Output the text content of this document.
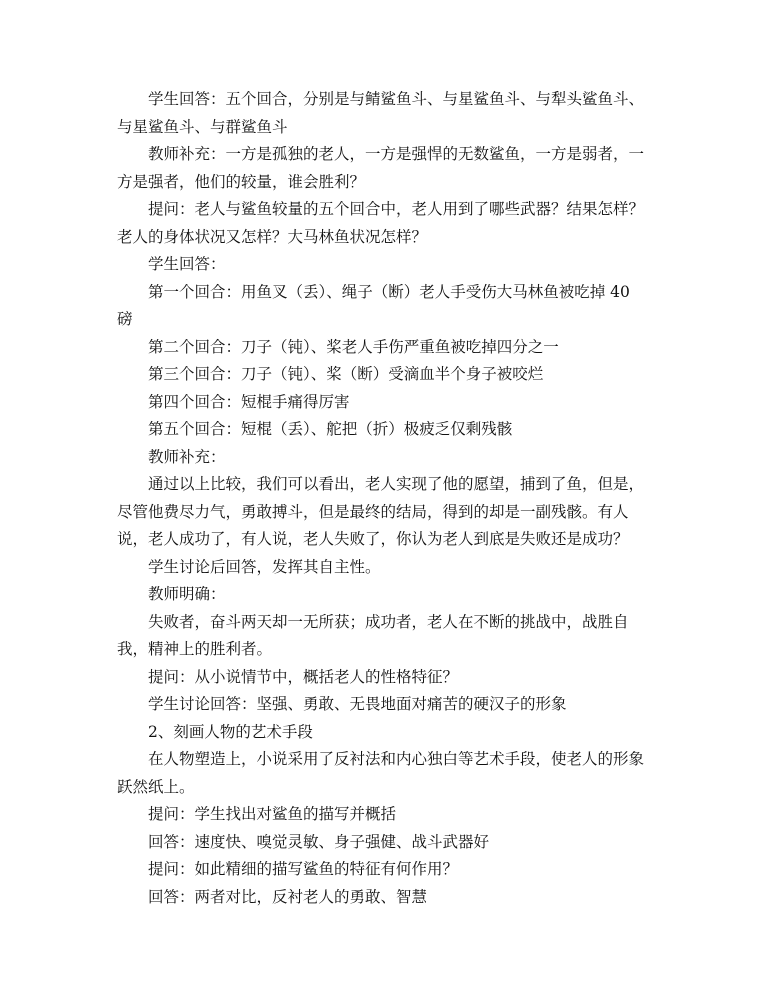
学生回答：五个回合，分别是与鲭鲨鱼斗、与星鲨鱼斗、与犁头鲨鱼斗、与星鲨鱼斗、与群鲨鱼斗

教师补充：一方是孤独的老人，一方是强悍的无数鲨鱼，一方是弱者，一方是强者，他们的较量，谁会胜利？

提问：老人与鲨鱼较量的五个回合中，老人用到了哪些武器？结果怎样？老人的身体状况又怎样？大马林鱼状况怎样？

学生回答：

第一个回合：用鱼叉（丢）、绳子（断）老人手受伤大马林鱼被吃掉 40 磅

第二个回合：刀子（钝）、桨老人手伤严重鱼被吃掉四分之一

第三个回合：刀子（钝）、桨（断）受滴血半个身子被咬烂

第四个回合：短棍手痛得厉害

第五个回合：短棍（丢）、舵把（折）极疲乏仅剩残骸

教师补充：

通过以上比较，我们可以看出，老人实现了他的愿望，捕到了鱼，但是，尽管他费尽力气，勇敢搏斗，但是最终的结局，得到的却是一副残骸。有人说，老人成功了，有人说，老人失败了，你认为老人到底是失败还是成功？

学生讨论后回答，发挥其自主性。

教师明确：

失败者，奋斗两天却一无所获；成功者，老人在不断的挑战中，战胜自我，精神上的胜利者。

提问：从小说情节中，概括老人的性格特征？

学生讨论回答：坚强、勇敢、无畏地面对痛苦的硬汉子的形象

2、刻画人物的艺术手段

在人物塑造上，小说采用了反衬法和内心独白等艺术手段，使老人的形象跃然纸上。

提问：学生找出对鲨鱼的描写并概括

回答：速度快、嗅觉灵敏、身子强健、战斗武器好

提问：如此精细的描写鲨鱼的特征有何作用？

回答：两者对比，反衬老人的勇敢、智慧
